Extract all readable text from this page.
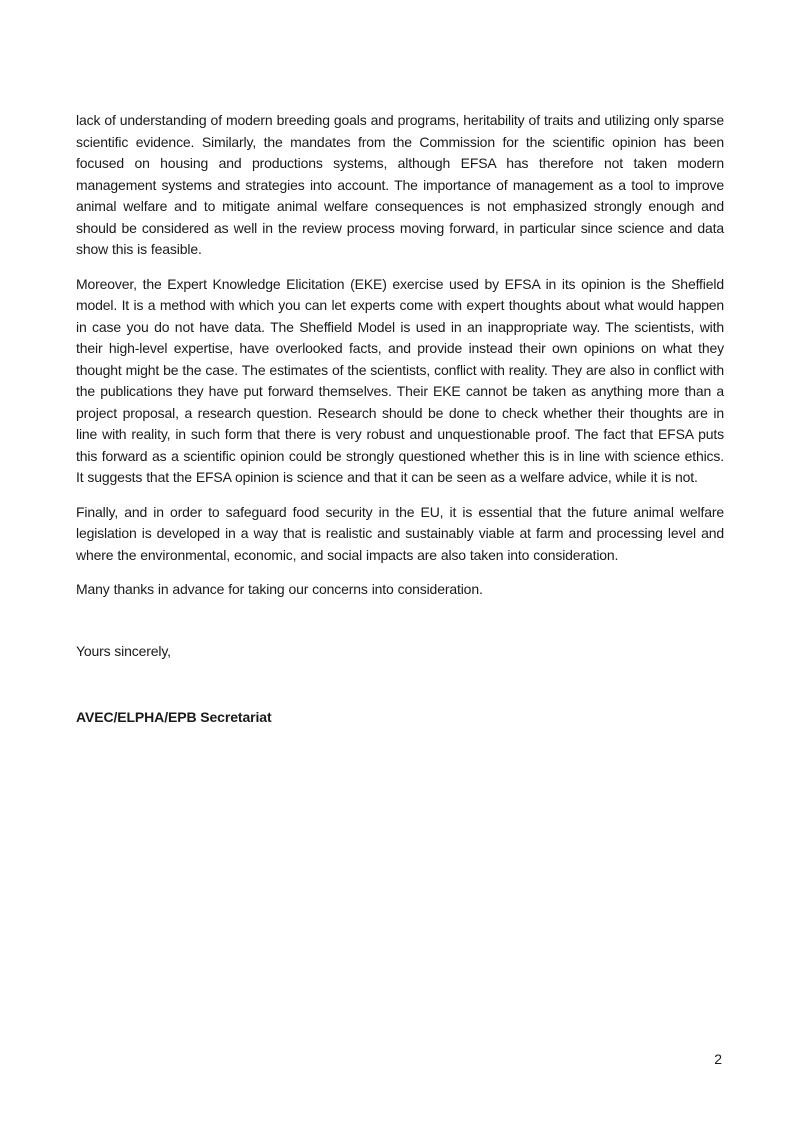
lack of understanding of modern breeding goals and programs, heritability of traits and utilizing only sparse scientific evidence. Similarly, the mandates from the Commission for the scientific opinion has been focused on housing and productions systems, although EFSA has therefore not taken modern management systems and strategies into account. The importance of management as a tool to improve animal welfare and to mitigate animal welfare consequences is not emphasized strongly enough and should be considered as well in the review process moving forward, in particular since science and data show this is feasible.

Moreover, the Expert Knowledge Elicitation (EKE) exercise used by EFSA in its opinion is the Sheffield model. It is a method with which you can let experts come with expert thoughts about what would happen in case you do not have data. The Sheffield Model is used in an inappropriate way. The scientists, with their high-level expertise, have overlooked facts, and provide instead their own opinions on what they thought might be the case. The estimates of the scientists, conflict with reality. They are also in conflict with the publications they have put forward themselves. Their EKE cannot be taken as anything more than a project proposal, a research question. Research should be done to check whether their thoughts are in line with reality, in such form that there is very robust and unquestionable proof. The fact that EFSA puts this forward as a scientific opinion could be strongly questioned whether this is in line with science ethics. It suggests that the EFSA opinion is science and that it can be seen as a welfare advice, while it is not.

Finally, and in order to safeguard food security in the EU, it is essential that the future animal welfare legislation is developed in a way that is realistic and sustainably viable at farm and processing level and where the environmental, economic, and social impacts are also taken into consideration.

Many thanks in advance for taking our concerns into consideration.

Yours sincerely,

AVEC/ELPHA/EPB Secretariat

2
